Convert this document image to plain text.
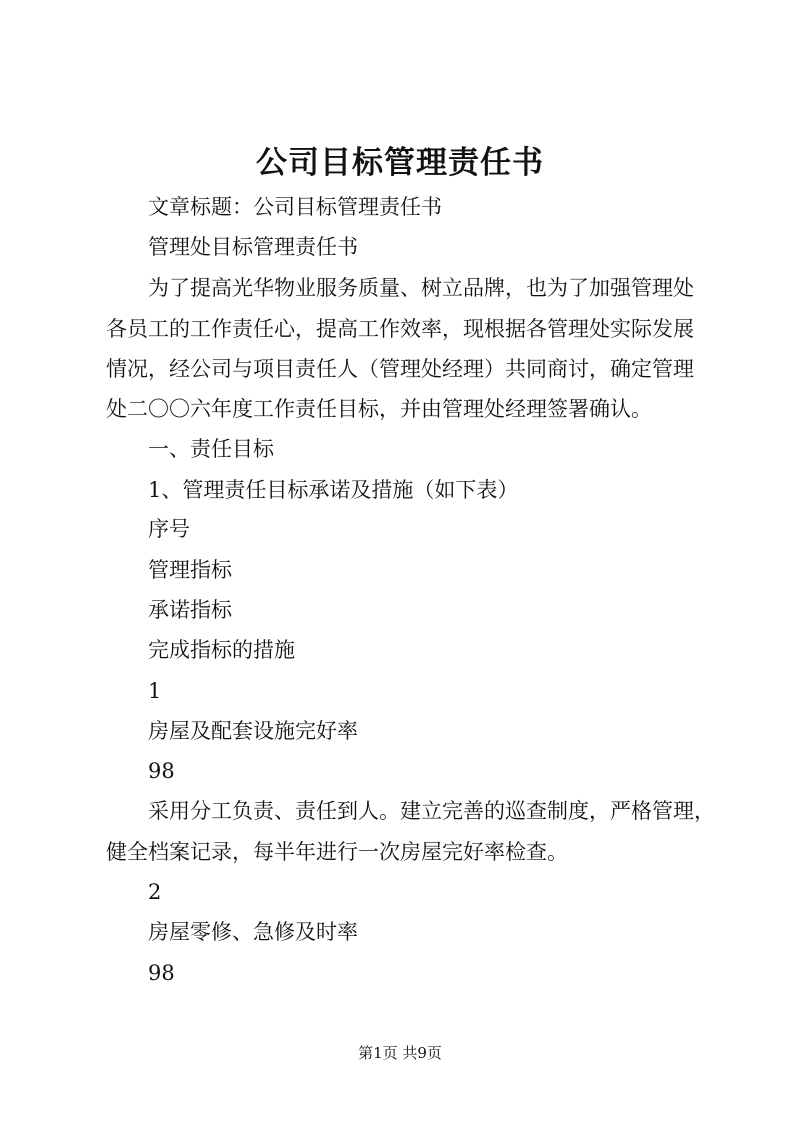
公司目标管理责任书
文章标题：公司目标管理责任书
管理处目标管理责任书
为了提高光华物业服务质量、树立品牌，也为了加强管理处
各员工的工作责任心，提高工作效率，现根据各管理处实际发展
情况，经公司与项目责任人（管理处经理）共同商讨，确定管理
处二〇〇六年度工作责任目标，并由管理处经理签署确认。
一、责任目标
1、管理责任目标承诺及措施（如下表）
序号
管理指标
承诺指标
完成指标的措施
1
房屋及配套设施完好率
98
采用分工负责、责任到人。建立完善的巡查制度，严格管理，
健全档案记录，每半年进行一次房屋完好率检查。
2
房屋零修、急修及时率
98
第1页 共9页
